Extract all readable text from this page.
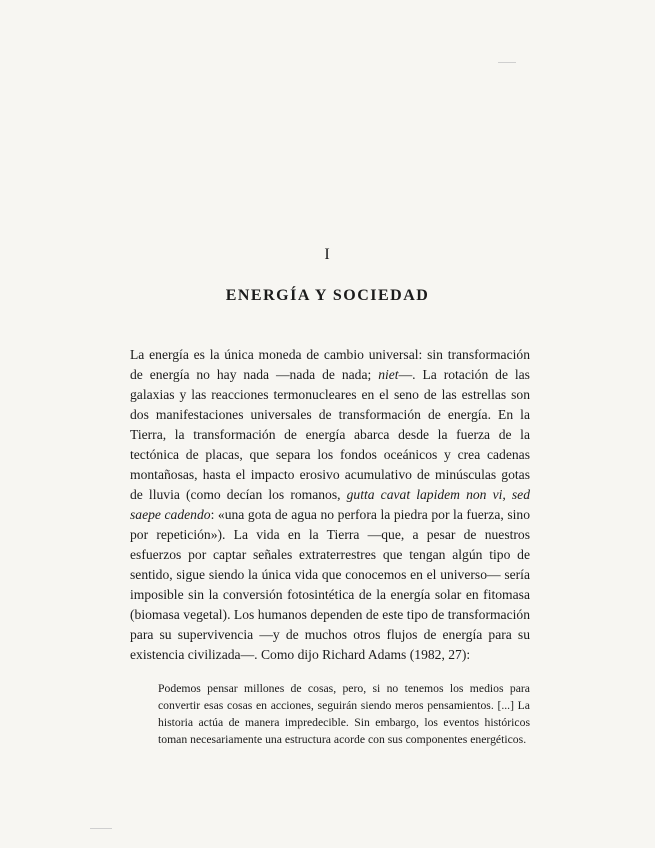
I
ENERGÍA Y SOCIEDAD

La energía es la única moneda de cambio universal: sin transformación de energía no hay nada —nada de nada; niet—. La rotación de las galaxias y las reacciones termonucleares en el seno de las estrellas son dos manifestaciones universales de transformación de energía. En la Tierra, la transformación de energía abarca desde la fuerza de la tectónica de placas, que separa los fondos oceánicos y crea cadenas montañosas, hasta el impacto erosivo acumulativo de minúsculas gotas de lluvia (como decían los romanos, gutta cavat lapidem non vi, sed saepe cadendo: «una gota de agua no perfora la piedra por la fuerza, sino por repetición»). La vida en la Tierra —que, a pesar de nuestros esfuerzos por captar señales extraterrestres que tengan algún tipo de sentido, sigue siendo la única vida que conocemos en el universo— sería imposible sin la conversión fotosintética de la energía solar en fitomasa (biomasa vegetal). Los humanos dependen de este tipo de transformación para su supervivencia —y de muchos otros flujos de energía para su existencia civilizada—. Como dijo Richard Adams (1982, 27):

Podemos pensar millones de cosas, pero, si no tenemos los medios para convertir esas cosas en acciones, seguirán siendo meros pensamientos. [...] La historia actúa de manera impredecible. Sin embargo, los eventos históricos toman necesariamente una estructura acorde con sus componentes energéticos.
